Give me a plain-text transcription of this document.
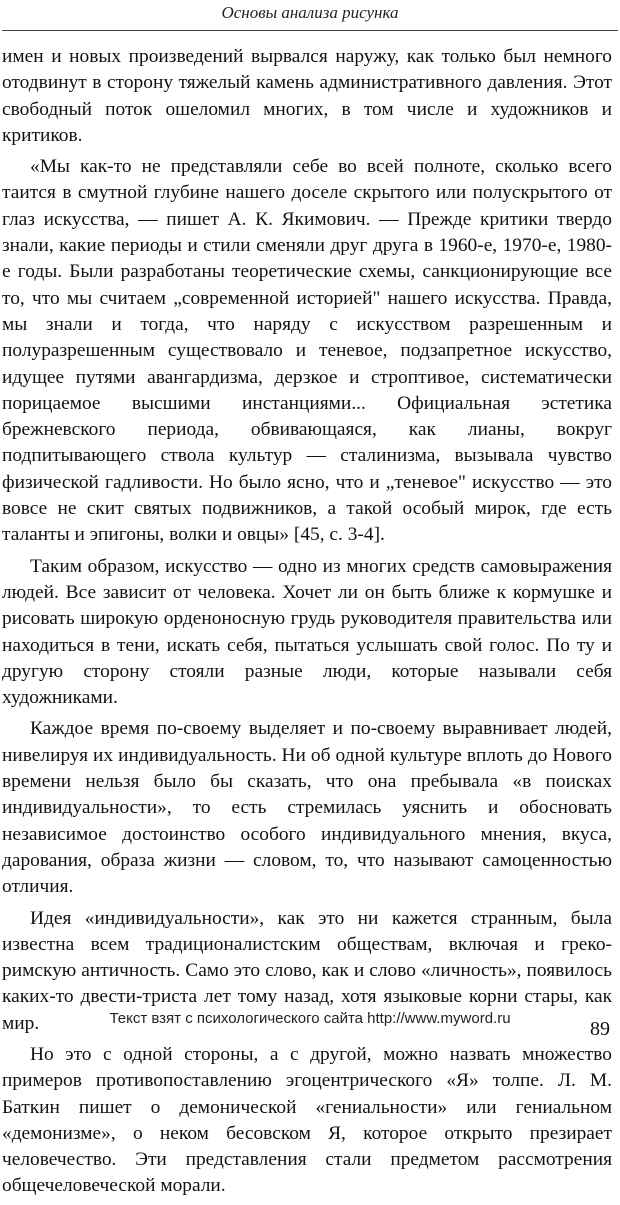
Основы анализа рисунка

имен и новых произведений вырвался наружу, как только был немного отодвинут в сторону тяжелый камень административного давления. Этот свободный поток ошеломил многих, в том числе и художников и критиков.

«Мы как-то не представляли себе во всей полноте, сколько всего таится в смутной глубине нашего доселе скрытого или полускрытого от глаз искусства, — пишет А. К. Якимович. — Прежде критики твердо знали, какие периоды и стили сменяли друг друга в 1960-е, 1970-е, 1980-е годы. Были разработаны теоретические схемы, санкционирующие все то, что мы считаем „современной историей" нашего искусства. Правда, мы знали и тогда, что наряду с искусством разрешенным и полуразрешенным существовало и теневое, подзапретное искусство, идущее путями авангардизма, дерзкое и строптивое, систематически порицаемое высшими инстанциями... Официальная эстетика брежневского периода, обвивающаяся, как лианы, вокруг подпитывающего ствола культур — сталинизма, вызывала чувство физической гадливости. Но было ясно, что и „теневое" искусство — это вовсе не скит святых подвижников, а такой особый мирок, где есть таланты и эпигоны, волки и овцы» [45, с. 3-4].

Таким образом, искусство — одно из многих средств самовыражения людей. Все зависит от человека. Хочет ли он быть ближе к кормушке и рисовать широкую орденоносную грудь руководителя правительства или находиться в тени, искать себя, пытаться услышать свой голос. По ту и другую сторону стояли разные люди, которые называли себя художниками.

Каждое время по-своему выделяет и по-своему выравнивает людей, нивелируя их индивидуальность. Ни об одной культуре вплоть до Нового времени нельзя было бы сказать, что она пребывала «в поисках индивидуальности», то есть стремилась уяснить и обосновать независимое достоинство особого индивидуального мнения, вкуса, дарования, образа жизни — словом, то, что называют самоценностью отличия.

Идея «индивидуальности», как это ни кажется странным, была известна всем традиционалистским обществам, включая и греко-римскую античность. Само это слово, как и слово «личность», появилось каких-то двести-триста лет тому назад, хотя языковые корни стары, как мир.

Но это с одной стороны, а с другой, можно назвать множество примеров противопоставлению эгоцентрического «Я» толпе. Л. М. Баткин пишет о демонической «гениальности» или гениальном «демонизме», о неком бесовском Я, которое открыто презирает человечество. Эти представления стали предметом рассмотрения общечеловеческой морали.

Текст взят с психологического сайта http://www.myword.ru	89
